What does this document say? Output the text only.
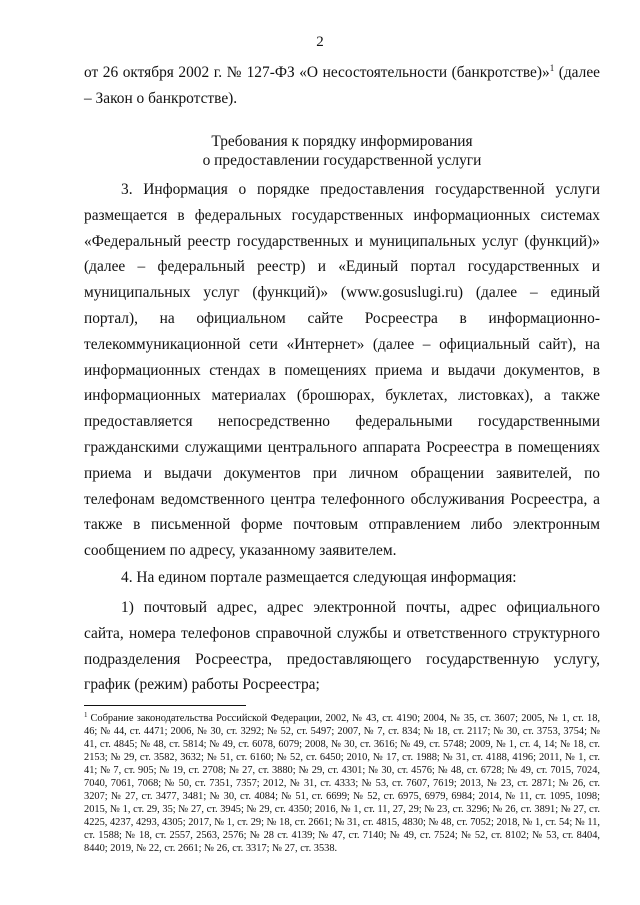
2
от 26 октября 2002 г. № 127-ФЗ «О несостоятельности (банкротстве)»$^1$ (далее – Закон о банкротстве).
Требования к порядку информирования
о предоставлении государственной услуги
3. Информация о порядке предоставления государственной услуги размещается в федеральных государственных информационных системах «Федеральный реестр государственных и муниципальных услуг (функций)» (далее – федеральный реестр) и «Единый портал государственных и муниципальных услуг (функций)» (www.gosuslugi.ru) (далее – единый портал), на официальном сайте Росреестра в информационно-телекоммуникационной сети «Интернет» (далее – официальный сайт), на информационных стендах в помещениях приема и выдачи документов, в информационных материалах (брошюрах, буклетах, листовках), а также предоставляется непосредственно федеральными государственными гражданскими служащими центрального аппарата Росреестра в помещениях приема и выдачи документов при личном обращении заявителей, по телефонам ведомственного центра телефонного обслуживания Росреестра, а также в письменной форме почтовым отправлением либо электронным сообщением по адресу, указанному заявителем.
4. На едином портале размещается следующая информация:
1) почтовый адрес, адрес электронной почты, адрес официального сайта, номера телефонов справочной службы и ответственного структурного подразделения Росреестра, предоставляющего государственную услугу, график (режим) работы Росреестра;
$^1$ Собрание законодательства Российской Федерации, 2002, № 43, ст. 4190; 2004, № 35, ст. 3607; 2005, № 1, ст. 18, 46; № 44, ст. 4471; 2006, № 30, ст. 3292; № 52, ст. 5497; 2007, № 7, ст. 834; № 18, ст. 2117; № 30, ст. 3753, 3754; № 41, ст. 4845; № 48, ст. 5814; № 49, ст. 6078, 6079; 2008, № 30, ст. 3616; № 49, ст. 5748; 2009, № 1, ст. 4, 14; № 18, ст. 2153; № 29, ст. 3582, 3632; № 51, ст. 6160; № 52, ст. 6450; 2010, № 17, ст. 1988; № 31, ст. 4188, 4196; 2011, № 1, ст. 41; № 7, ст. 905; № 19, ст. 2708; № 27, ст. 3880; № 29, ст. 4301; № 30, ст. 4576; № 48, ст. 6728; № 49, ст. 7015, 7024, 7040, 7061, 7068; № 50, ст. 7351, 7357; 2012, № 31, ст. 4333; № 53, ст. 7607, 7619; 2013, № 23, ст. 2871; № 26, ст. 3207; № 27, ст. 3477, 3481; № 30, ст. 4084; № 51, ст. 6699; № 52, ст. 6975, 6979, 6984; 2014, № 11, ст. 1095, 1098; 2015, № 1, ст. 29, 35; № 27, ст. 3945; № 29, ст. 4350; 2016, № 1, ст. 11, 27, 29; № 23, ст. 3296; № 26, ст. 3891; № 27, ст. 4225, 4237, 4293, 4305; 2017, № 1, ст. 29; № 18, ст. 2661; № 31, ст. 4815, 4830; № 48, ст. 7052; 2018, № 1, ст. 54; № 11, ст. 1588; № 18, ст. 2557, 2563, 2576; № 28 ст. 4139; № 47, ст. 7140; № 49, ст. 7524; № 52, ст. 8102; № 53, ст. 8404, 8440; 2019, № 22, ст. 2661; № 26, ст. 3317; № 27, ст. 3538.
